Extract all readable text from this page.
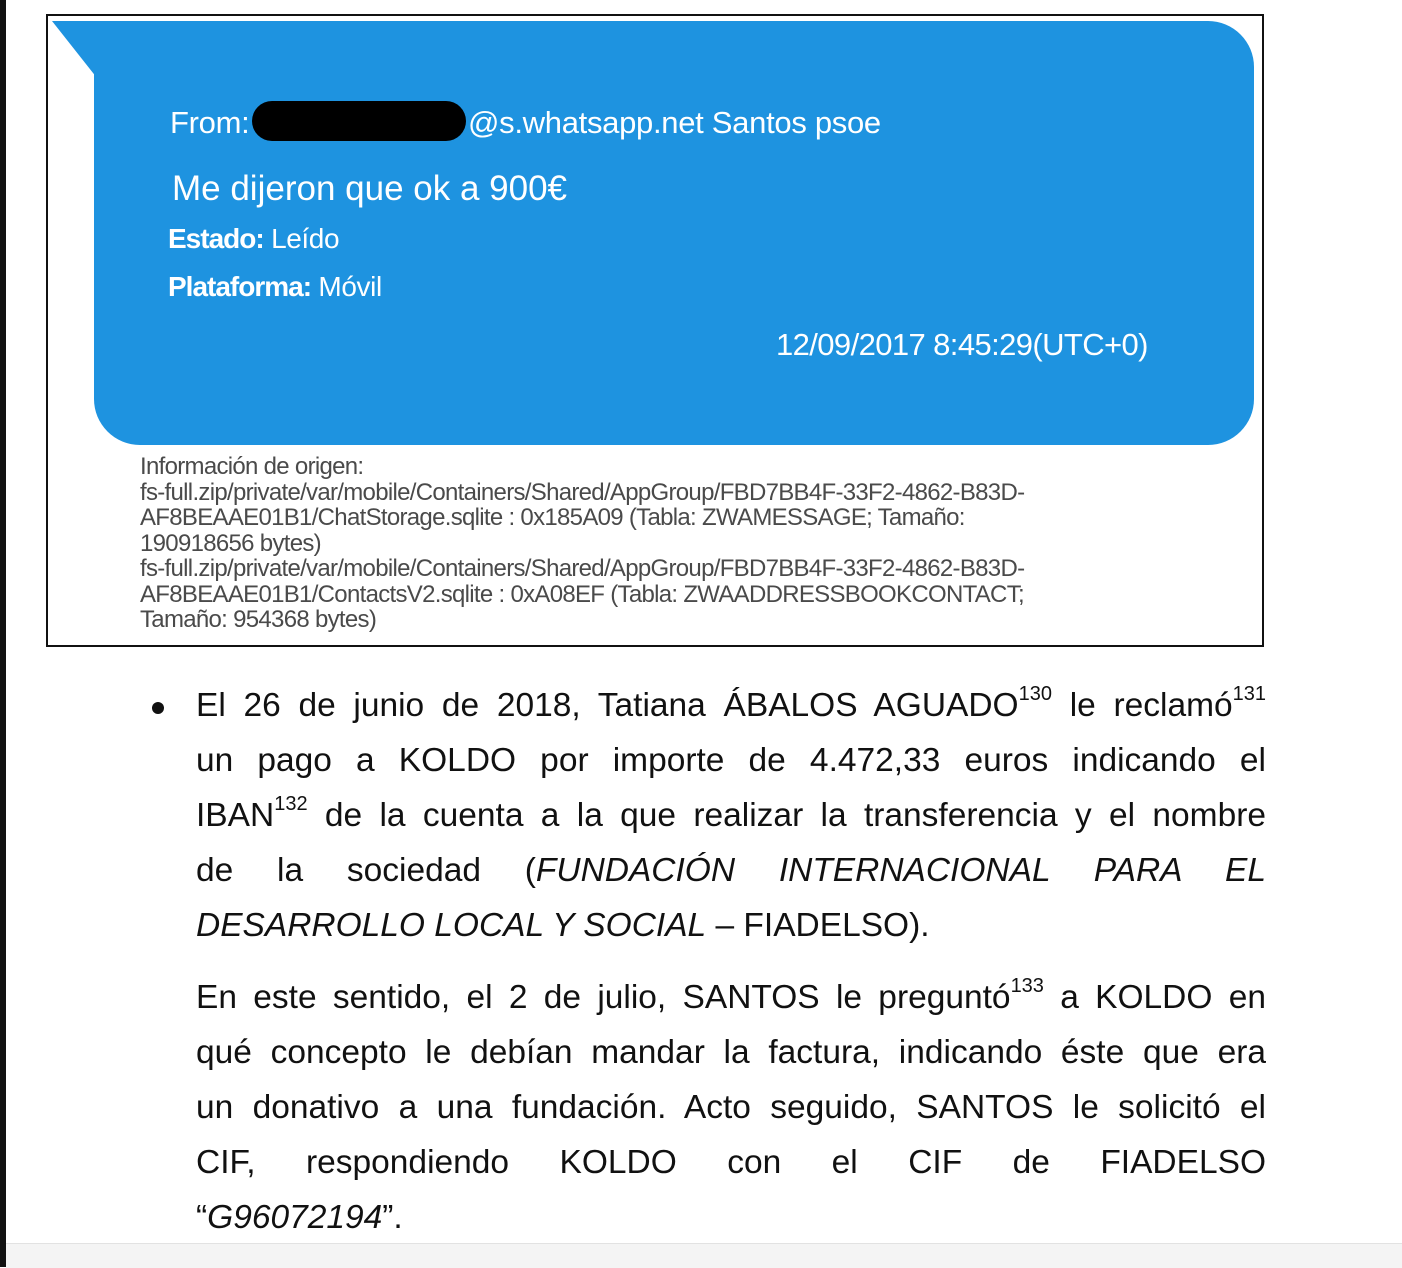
From:	@s.whatsapp.net Santos psoe
Me dijeron que ok a 900€
Estado: Leído
Plataforma: Móvil
12/09/2017 8:45:29(UTC+0)
Información de origen:
fs-full.zip/private/var/mobile/Containers/Shared/AppGroup/FBD7BB4F-33F2-4862-B83D-
AF8BEAAE01B1/ChatStorage.sqlite : 0x185A09 (Tabla: ZWAMESSAGE; Tamaño:
190918656 bytes)
fs-full.zip/private/var/mobile/Containers/Shared/AppGroup/FBD7BB4F-33F2-4862-B83D-
AF8BEAAE01B1/ContactsV2.sqlite : 0xA08EF (Tabla: ZWAADDRESSBOOKCONTACT;
Tamaño: 954368 bytes)
El 26 de junio de 2018, Tatiana ÁBALOS AGUADO$^{130}$ le reclamó$^{131}$
un pago a KOLDO por importe de 4.472,33 euros indicando el
IBAN$^{132}$ de la cuenta a la que realizar la transferencia y el nombre
de la sociedad (FUNDACIÓN INTERNACIONAL PARA EL
DESARROLLO LOCAL Y SOCIAL – FIADELSO).
En este sentido, el 2 de julio, SANTOS le preguntó$^{133}$ a KOLDO en
qué concepto le debían mandar la factura, indicando éste que era
un donativo a una fundación. Acto seguido, SANTOS le solicitó el
CIF, respondiendo KOLDO con el CIF de FIADELSO
“G96072194”.
